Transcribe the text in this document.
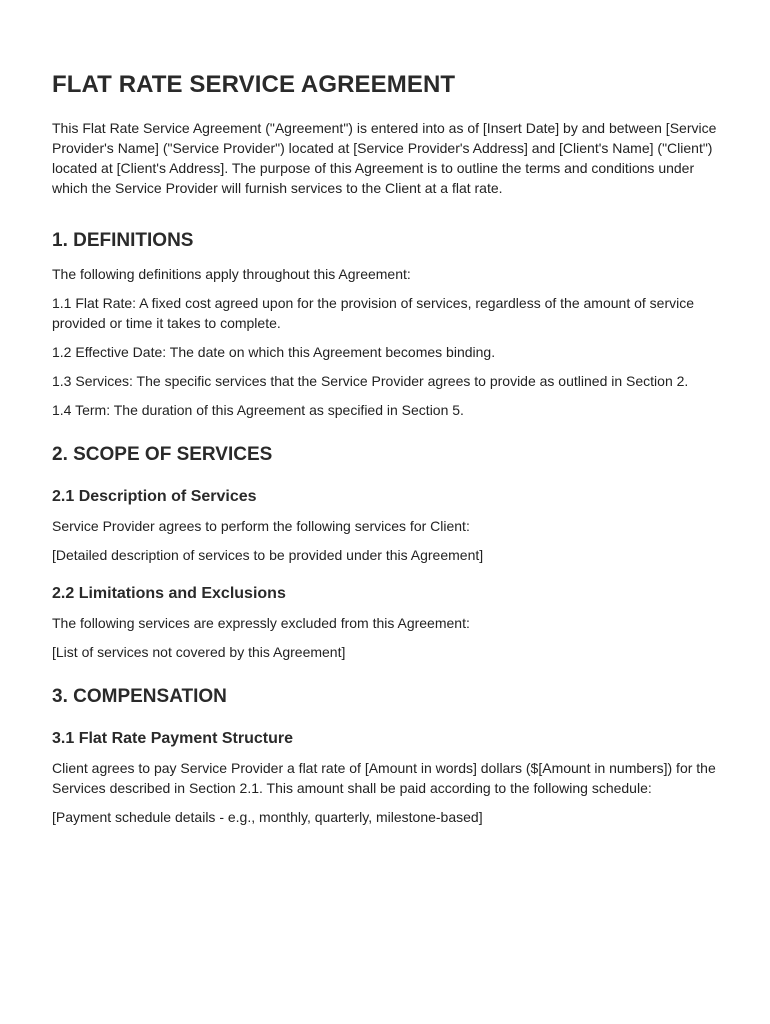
FLAT RATE SERVICE AGREEMENT

This Flat Rate Service Agreement ("Agreement") is entered into as of [Insert Date] by and between [Service Provider's Name] ("Service Provider") located at [Service Provider's Address] and [Client's Name] ("Client") located at [Client's Address]. The purpose of this Agreement is to outline the terms and conditions under which the Service Provider will furnish services to the Client at a flat rate.

1. DEFINITIONS

The following definitions apply throughout this Agreement:

1.1 Flat Rate: A fixed cost agreed upon for the provision of services, regardless of the amount of service provided or time it takes to complete.

1.2 Effective Date: The date on which this Agreement becomes binding.

1.3 Services: The specific services that the Service Provider agrees to provide as outlined in Section 2.

1.4 Term: The duration of this Agreement as specified in Section 5.

2. SCOPE OF SERVICES
2.1 Description of Services

Service Provider agrees to perform the following services for Client:

[Detailed description of services to be provided under this Agreement]

2.2 Limitations and Exclusions

The following services are expressly excluded from this Agreement:

[List of services not covered by this Agreement]

3. COMPENSATION
3.1 Flat Rate Payment Structure

Client agrees to pay Service Provider a flat rate of [Amount in words] dollars ($[Amount in numbers]) for the Services described in Section 2.1. This amount shall be paid according to the following schedule:

[Payment schedule details - e.g., monthly, quarterly, milestone-based]
